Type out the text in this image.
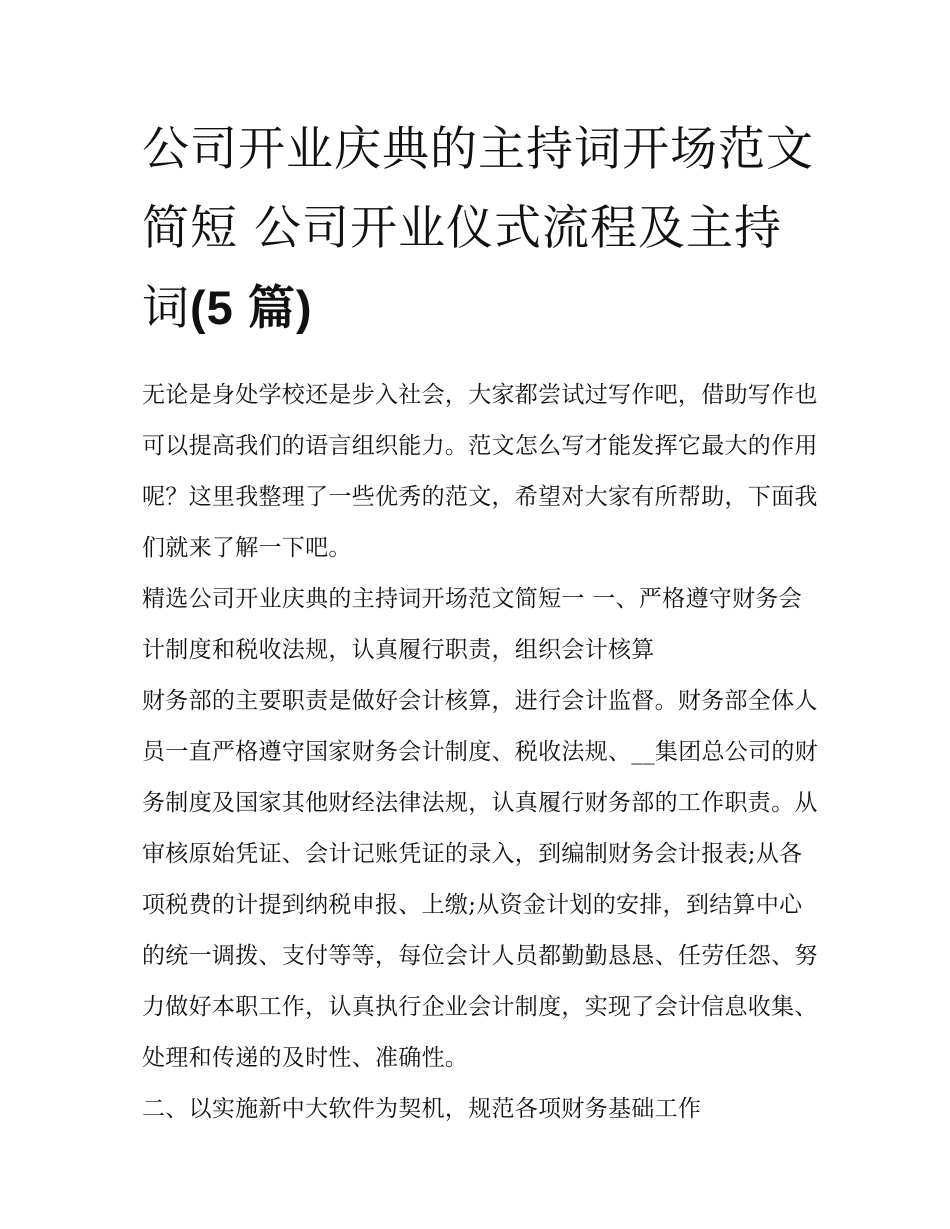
公司开业庆典的主持词开场范文简短 公司开业仪式流程及主持词(5 篇)

无论是身处学校还是步入社会，大家都尝试过写作吧，借助写作也可以提高我们的语言组织能力。范文怎么写才能发挥它最大的作用呢？这里我整理了一些优秀的范文，希望对大家有所帮助，下面我们就来了解一下吧。

精选公司开业庆典的主持词开场范文简短一 一、严格遵守财务会计制度和税收法规，认真履行职责，组织会计核算

财务部的主要职责是做好会计核算，进行会计监督。财务部全体人员一直严格遵守国家财务会计制度、税收法规、__集团总公司的财务制度及国家其他财经法律法规，认真履行财务部的工作职责。从审核原始凭证、会计记账凭证的录入，到编制财务会计报表;从各项税费的计提到纳税申报、上缴;从资金计划的安排，到结算中心的统一调拨、支付等等，每位会计人员都勤勤恳恳、任劳任怨、努力做好本职工作，认真执行企业会计制度，实现了会计信息收集、处理和传递的及时性、准确性。

二、以实施新中大软件为契机，规范各项财务基础工作
